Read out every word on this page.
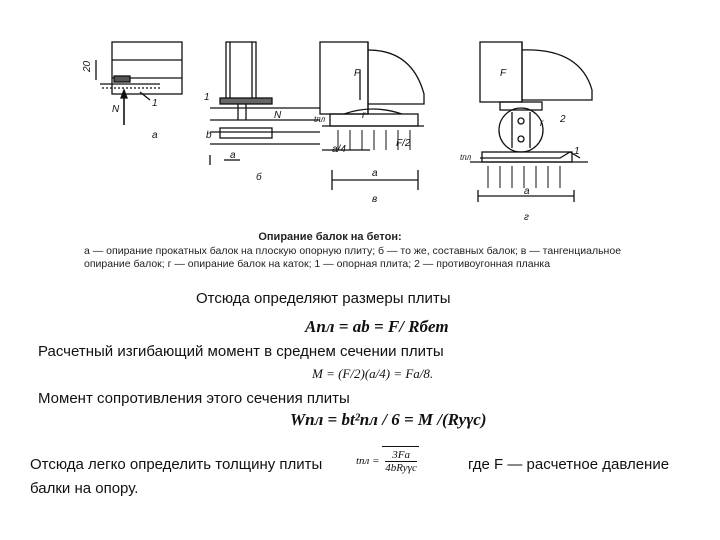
20
N
1
а
1
N
b
а
б
F
tпл	r
a/4
F/2
a
в
F
r 2
1
tпл
a
г
Опирание балок на бетон:
а — опирание прокатных балок на плоскую опорную плиту; б — то же, составных балок; в — тангенциальное опирание балок; г — опирание балок на каток; 1 — опорная плита; 2 — противоугонная планка
Отсюда определяют размеры плиты
Aпл = ab = F/ Rбет
Расчетный изгибающий момент в среднем сечении плиты
M = (F/2)(a/4) = Fa/8.
Момент сопротивления этого сечения плиты
Wпл = bt²пл / 6 = M /(Ryγc)
Отсюда легко определить толщину плиты	tпл = $\frac{3Fa}{\text{4bRyγc}}$	где F — расчетное давление
балки на опору.
